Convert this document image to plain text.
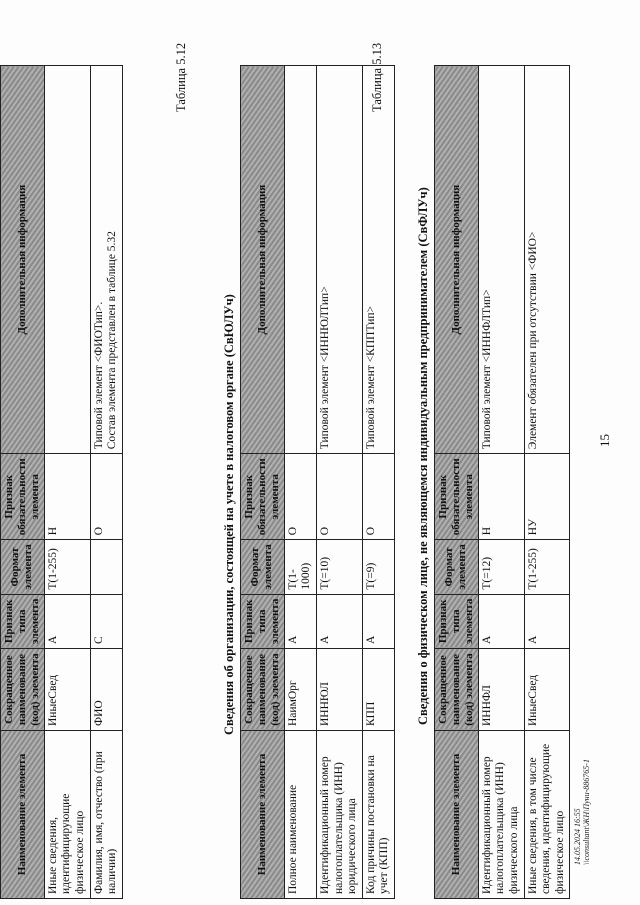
15
Наименование элемента	Сокращенное наименование (код) элемента	Признак типа элемента	Формат элемента	Признак обязательности элемента	Дополнительная информация
Иные сведения, идентифицирующие физическое лицо	ИныеСвед	А	T(1-255)	Н	
Фамилия, имя, отчество (при наличии)	ФИО	С		О	Типовой элемент <ФИОТип>.
Состав элемента представлен в таблице 5.32
Таблица 5.12
Сведения об организации, состоящей на учете в налоговом органе (СвЮЛУч)
Наименование элемента	Сокращенное наименование (код) элемента	Признак типа элемента	Формат элемента	Признак обязательности элемента	Дополнительная информация
Полное наименование	НаимОрг	А	T(1-1000)	О	
Идентификационный номер налогоплательщика (ИНН) юридического лица	ИННЮЛ	А	T(=10)	О	Типовой элемент <ИННЮЛТип>
Код причины постановки на учет (КПП)	КПП	А	T(=9)	О	Типовой элемент <КППТип>
Таблица 5.13
Сведения о физическом лице, не являющемся индивидуальным предпринимателем (СвФЛУч)
Наименование элемента	Сокращенное наименование (код) элемента	Признак типа элемента	Формат элемента	Признак обязательности элемента	Дополнительная информация
Идентификационный номер налогоплательщика (ИНН) физического лица	ИННФЛ	А	T(=12)	Н	Типовой элемент <ИННФЛТип>
Иные сведения, в том числе сведения, идентифицирующие физическое лицо	ИныеСвед	А	T(1-255)	НУ	Элемент обязателен при отсутствии <ФИО>
14.05.2024 16:55 \\consultant\ЖН\Пуни-886765-1
